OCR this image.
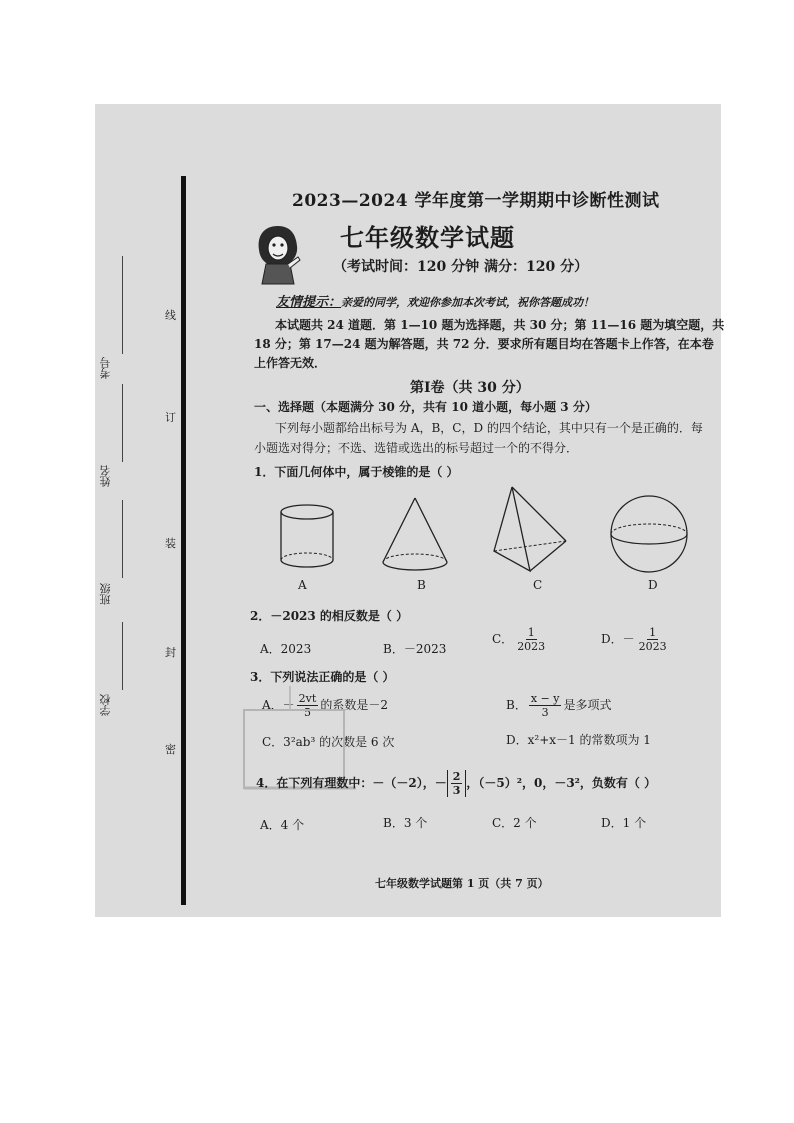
学校
班级
姓名
考号
线
订
装
封
密
2023—2024 学年度第一学期期中诊断性测试
七年级数学试题
（考试时间：120 分钟 满分：120 分）
友情提示：亲爱的同学，欢迎你参加本次考试，祝你答题成功！
本试题共 24 道题．第 1—10 题为选择题，共 30 分；第 11—16 题为填空题，共
18 分；第 17—24 题为解答题，共 72 分．要求所有题目均在答题卡上作答，在本卷
上作答无效．
第Ⅰ卷（共 30 分）
一、选择题（本题满分 30 分，共有 10 道小题，每小题 3 分）
下列每小题都给出标号为 A，B，C，D 的四个结论，其中只有一个是正确的．每
小题选对得分；不选、选错或选出的标号超过一个的不得分．
1．下面几何体中，属于棱锥的是（ ）
A	B	C	D
2．－2023 的相反数是（ ）
A．2023	B．－2023
C． $\frac{1}{2023}$	D．－ $\frac{1}{2023}$
3．下列说法正确的是（ ）
A．－ $\frac{2vt}{5}$ 的系数是－2	B． $\frac{x - y}{3}$ 是多项式
C．3²ab³ 的次数是 6 次	D．x²+x－1 的常数项为 1
4．在下列有理数中：－（－2），－ $\frac{2}{3}$ ，（－5）²，0，－3²，负数有（ ）
A．4 个	B．3 个	C．2 个	D．1 个
七年级数学试题第 1 页（共 7 页）
